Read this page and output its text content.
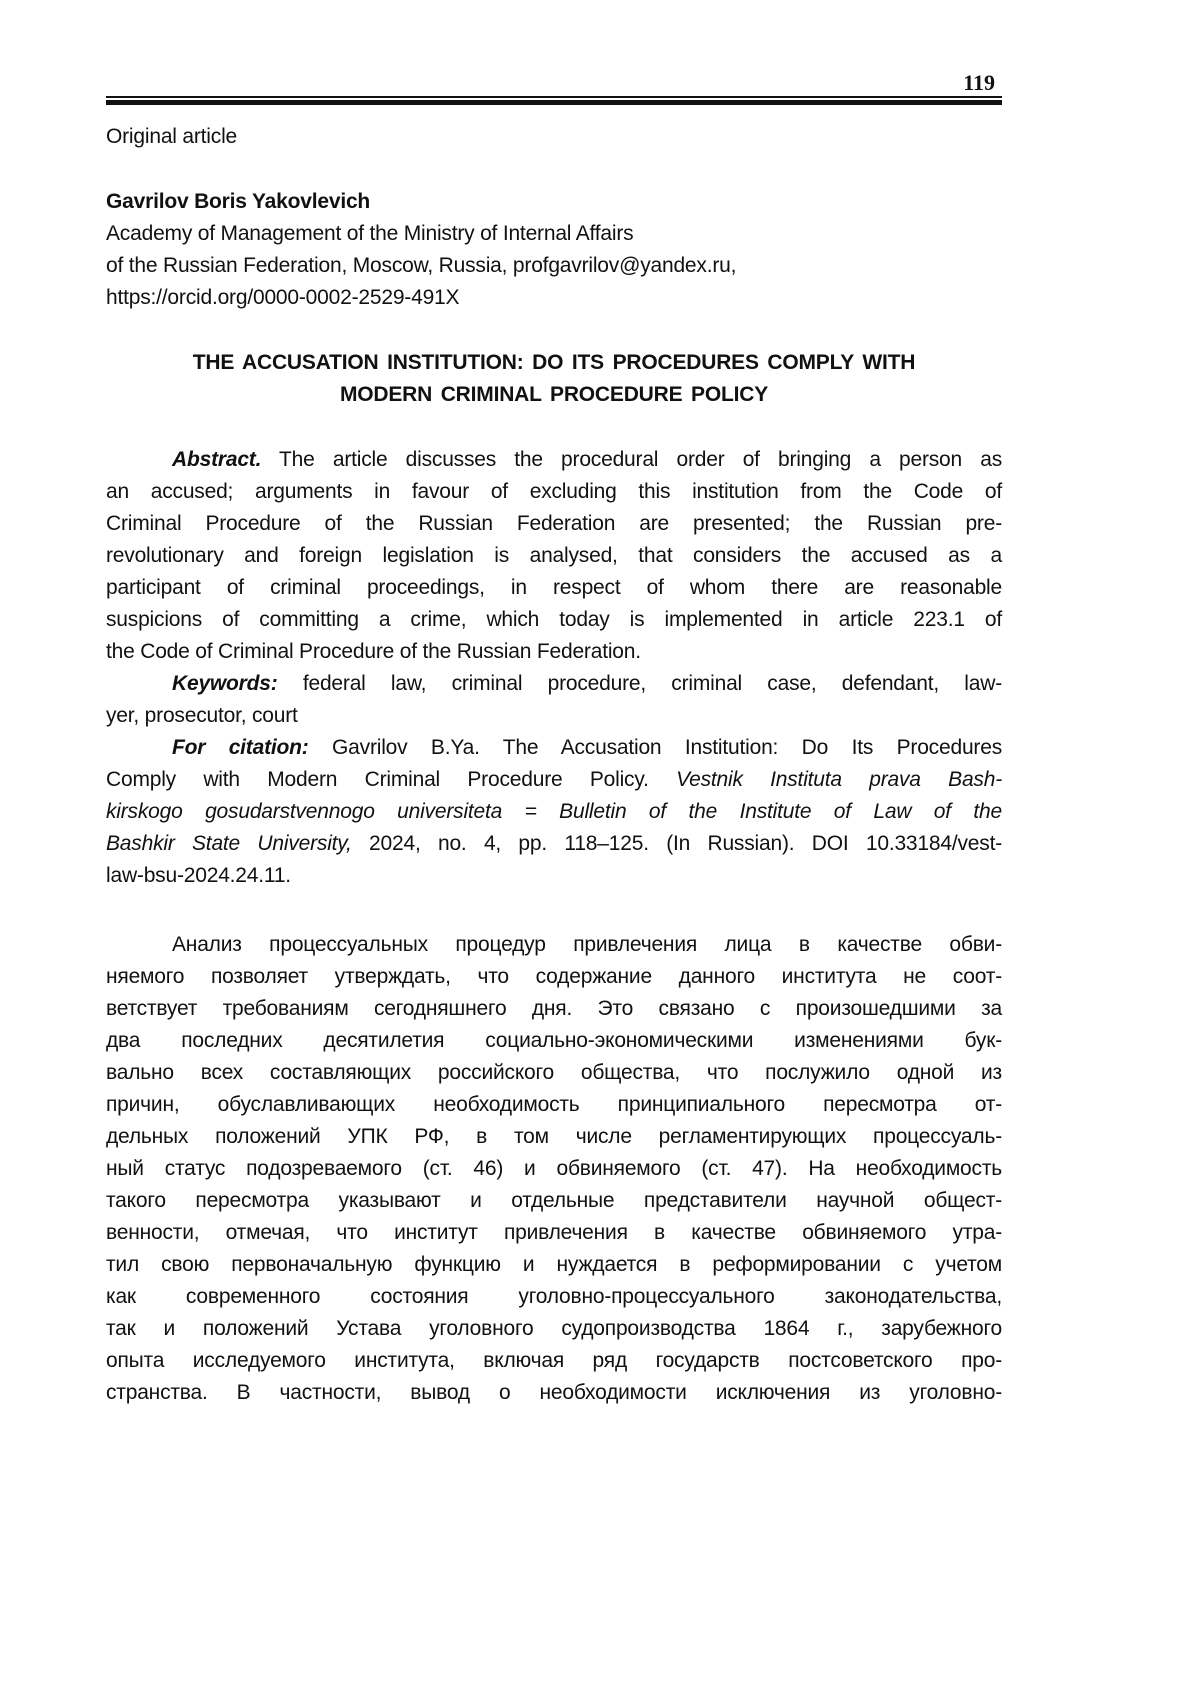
119
Original article
Gavrilov Boris Yakovlevich
Academy of Management of the Ministry of Internal Affairs
of the Russian Federation, Moscow, Russia, profgavrilov@yandex.ru,
https://orcid.org/0000-0002-2529-491X
THE ACCUSATION INSTITUTION: DO ITS PROCEDURES COMPLY WITH
MODERN CRIMINAL PROCEDURE POLICY
Abstract. The article discusses the procedural order of bringing a person as
an accused; arguments in favour of excluding this institution from the Code of
Criminal Procedure of the Russian Federation are presented; the Russian pre-
revolutionary and foreign legislation is analysed, that considers the accused as a
participant of criminal proceedings, in respect of whom there are reasonable
suspicions of committing a crime, which today is implemented in article 223.1 of
the Code of Criminal Procedure of the Russian Federation.
Keywords: federal law, criminal procedure, criminal case, defendant, law-
yer, prosecutor, court
For citation: Gavrilov B.Ya. The Accusation Institution: Do Its Procedures
Comply with Modern Criminal Procedure Policy. Vestnik Instituta prava Bash-
kirskogo gosudarstvennogo universiteta = Bulletin of the Institute of Law of the
Bashkir State University, 2024, no. 4, pp. 118–125. (In Russian). DOI 10.33184/vest-
law-bsu-2024.24.11.
Анализ процессуальных процедур привлечения лица в качестве обви-
няемого позволяет утверждать, что содержание данного института не соот-
ветствует требованиям сегодняшнего дня. Это связано с произошедшими за
два последних десятилетия социально-экономическими изменениями бук-
вально всех составляющих российского общества, что послужило одной из
причин, обуславливающих необходимость принципиального пересмотра от-
дельных положений УПК РФ, в том числе регламентирующих процессуаль-
ный статус подозреваемого (ст. 46) и обвиняемого (ст. 47). На необходимость
такого пересмотра указывают и отдельные представители научной общест-
венности, отмечая, что институт привлечения в качестве обвиняемого утра-
тил свою первоначальную функцию и нуждается в реформировании с учетом
как современного состояния уголовно-процессуального законодательства,
так и положений Устава уголовного судопроизводства 1864 г., зарубежного
опыта исследуемого института, включая ряд государств постсоветского про-
странства. В частности, вывод о необходимости исключения из уголовно-
